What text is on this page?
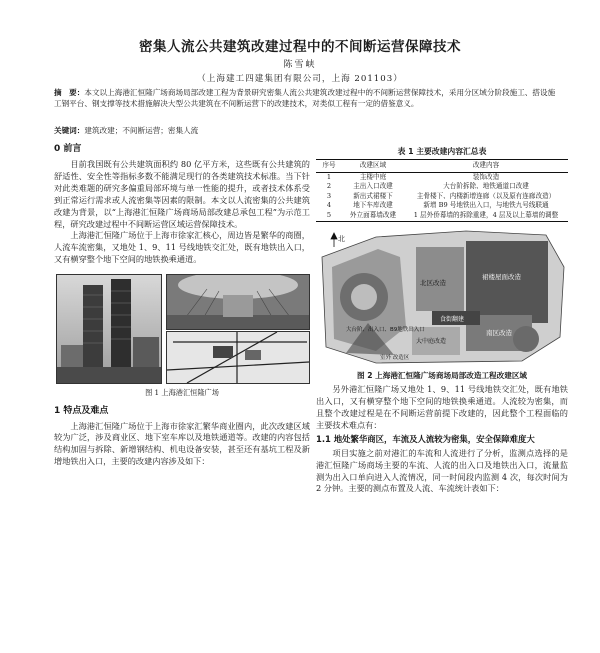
密集人流公共建筑改建过程中的不间断运营保障技术
陈雪峡
（上海建工四建集团有限公司，上海 201103）
摘　要：本文以上海港汇恒隆广场商场局部改建工程为背景研究密集人流公共建筑改建过程中的不间断运营保障技术，采用分区域分阶段施工、搭设施工钢平台、钢支撑等技术措施解决大型公共建筑在不间断运营下的改建技术，对类似工程有一定的借鉴意义。
关键词：建筑改建；不间断运营；密集人流
0 前言

目前我国既有公共建筑面积约 80 亿平方米，这些既有公共建筑的舒适性、安全性等指标多数不能满足现行的各类建筑技术标准。当下针对此类难题的研究多偏重局部环境与单一性能的提升，或者技术体系受到正常运行需求或人流密集等因素的限制。本文以人流密集的公共建筑改建为背景，以“上海港汇恒隆广场商场局部改建总承包工程”为示范工程，研究改建过程中不间断运营区域运营保障技术。

上海港汇恒隆广场位于上海市徐家汇核心，周边皆是繁华的商圈，人流车流密集，又地处 1、9、11 号线地铁交汇处，既有地铁出入口，又有横穿整个地下空间的地铁换乘通道。

图 1 上海港汇恒隆广场
1 特点及难点

上海港汇恒隆广场位于上海市徐家汇繁华商业圈内，此次改建区域较为广泛，涉及商业区、地下室车库以及地铁通道等。改建的内容包括结构加固与拆除、新增钢结构、机电设备安装，甚至还有基坑工程及新增地铁出入口，主要的改建内容涉及如下：

表 1 主要改建内容汇总表
序号	改建区域	改建内容
1	主楼中庭	装饰改造
2	主出入口改建	大台阶拆除、地铁通道口改建
3	新出式裙楼下	主骨楼下、内楼新增连廊（以及原有连廊改造）
4	地下车库改建	新增 B9 号地铁出入口，与地铁九号线联通
5	外立面幕墙改建	1 层外侨幕墙的拆除重建，4 层及以上幕墙的调整
北
裙楼屋面改造
北区改造
食街翻建
南区改造
大中庭改造
大台阶、出入口、B9地铁出入口
室外 改造区
图 2 上海港汇恒隆广场商场局部改造工程改建区域

另外港汇恒隆广场又地处 1、9、11 号线地铁交汇处，既有地铁出入口，又有横穿整个地下空间的地铁换乘通道。人流较为密集，而且整个改建过程是在不间断运营前提下改建的，因此整个工程面临的主要技术难点有：

1.1 地处繁华商区，车流及人流较为密集，安全保障难度大

项目实施之前对港汇的车流和人流进行了分析，监测点选择的是港汇恒隆广场商场主要的车流、人流的出入口及地铁出入口，流量监测为出入口单向进入人流情况，同一时间段内监测 4 次，每次时间为 2 分钟。主要的测点布置及人流、车流统计表如下：
